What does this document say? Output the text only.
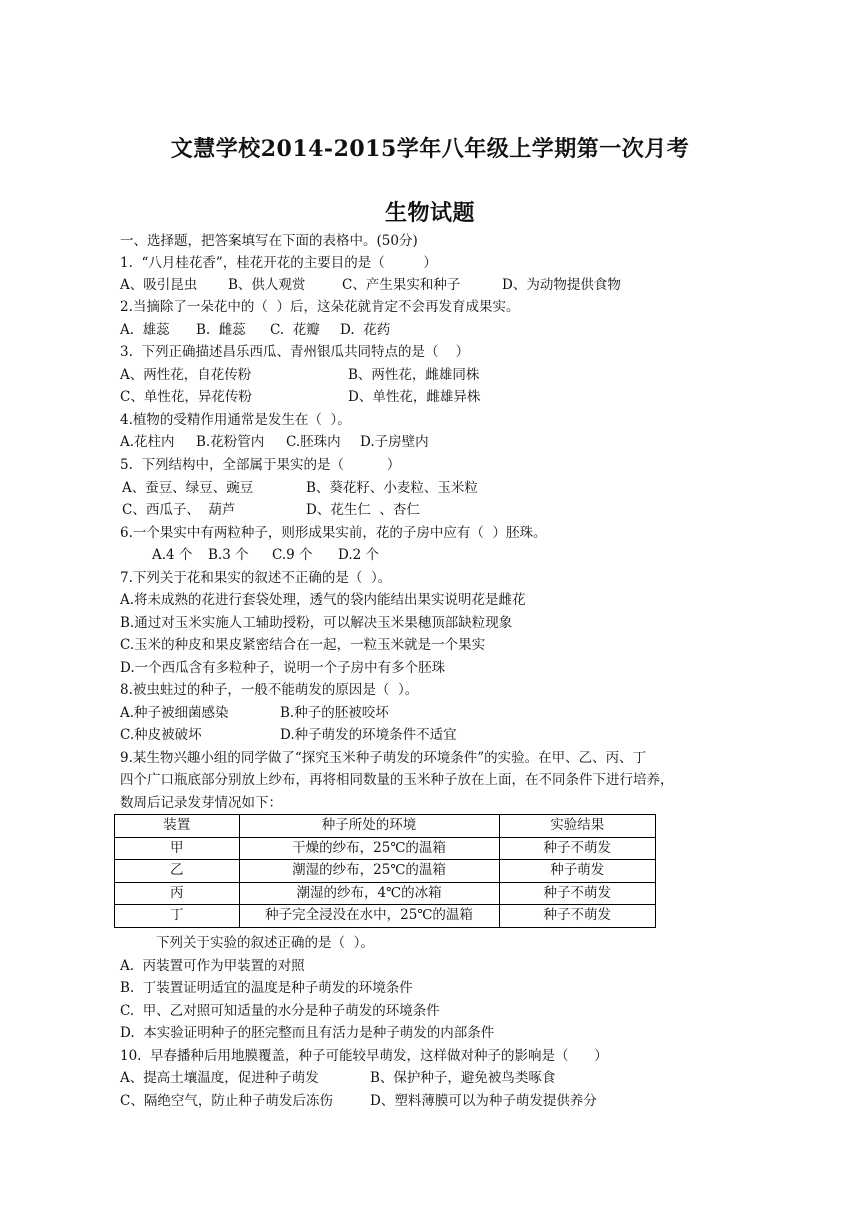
文慧学校2014-2015学年八年级上学期第一次月考
生物试题
一、选择题，把答案填写在下面的表格中。(50分)
1.  “八月桂花香”，桂花开花的主要目的是（         ）

A、吸引昆虫

B、供人观赏

	C、产生果实和种子

	D、为动物提供食物

2.当摘除了一朵花中的（  ）后，这朵花就肯定不会再发育成果实。

A.  雄蕊

B.  雌蕊

C.  花瓣

D.  花药

3.  下列正确描述昌乐西瓜、青州银瓜共同特点的是（    ）

A、两性花，自花传粉

	B、两性花，雌雄同株

C、单性花，异花传粉

	D、单性花，雌雄异株

4.植物的受精作用通常是发生在（  ）。

A.花柱内

B.花粉管内

C.胚珠内

D.子房壁内

5.  下列结构中，全部属于果实的是（          ）

A、蚕豆、绿豆、豌豆

	B、葵花籽、小麦粒、玉米粒

C、西瓜子、  葫芦

	D、花生仁  、杏仁

6.一个果实中有两粒种子，则形成果实前，花的子房中应有（  ）胚珠。

A.4 个

B.3 个

C.9 个

D.2 个

7.下列关于花和果实的叙述不正确的是（  ）。
A.将未成熟的花进行套袋处理，透气的袋内能结出果实说明花是雌花
B.通过对玉米实施人工辅助授粉，可以解决玉米果穗顶部缺粒现象
C.玉米的种皮和果皮紧密结合在一起，一粒玉米就是一个果实
D.一个西瓜含有多粒种子，说明一个子房中有多个胚珠
8.被虫蛀过的种子，一般不能萌发的原因是（  ）。

A.种子被细菌感染

	B.种子的胚被咬坏

C.种皮被破坏

	D.种子萌发的环境条件不适宜

9.某生物兴趣小组的同学做了“探究玉米种子萌发的环境条件”的实验。在甲、乙、丙、丁
四个广口瓶底部分别放上纱布，再将相同数量的玉米种子放在上面，在不同条件下进行培养，
数周后记录发芽情况如下：
装置	种子所处的环境	实验结果
甲	干燥的纱布，25℃的温箱	种子不萌发
乙	潮湿的纱布，25℃的温箱	种子萌发
丙	潮湿的纱布，4℃的冰箱	种子不萌发
丁	种子完全浸没在水中，25℃的温箱	种子不萌发
下列关于实验的叙述正确的是（  ）。
A.  丙装置可作为甲装置的对照
B.  丁装置证明适宜的温度是种子萌发的环境条件
C.  甲、乙对照可知适量的水分是种子萌发的环境条件
D.  本实验证明种子的胚完整而且有活力是种子萌发的内部条件
10.  早春播种后用地膜覆盖，种子可能较早萌发，这样做对种子的影响是（      ）

A、提高土壤温度，促进种子萌发

	B、保护种子，避免被鸟类啄食

C、隔绝空气，防止种子萌发后冻伤

	D、塑料薄膜可以为种子萌发提供养分
